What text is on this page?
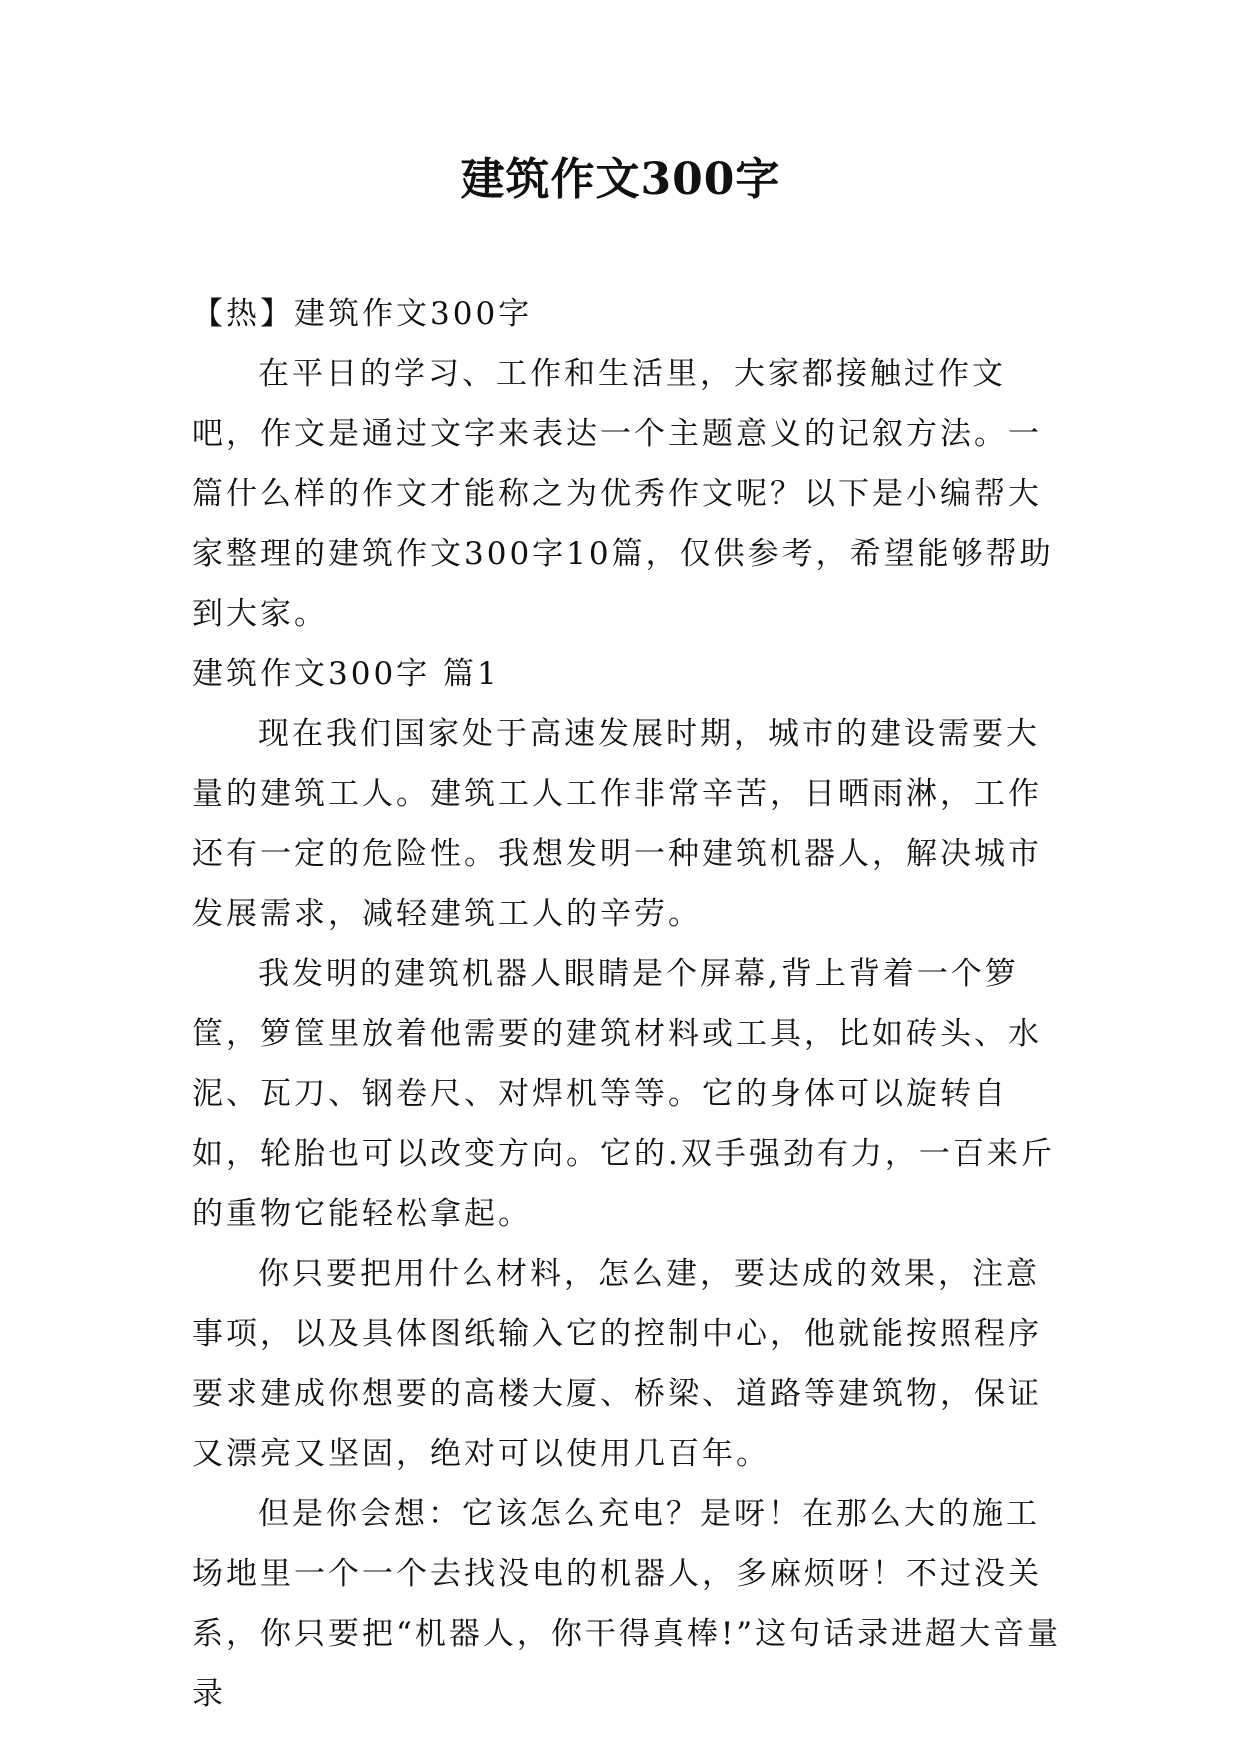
建筑作文300字

【热】建筑作文300字

在平日的学习、工作和生活里，大家都接触过作文吧，作文是通过文字来表达一个主题意义的记叙方法。一篇什么样的作文才能称之为优秀作文呢？以下是小编帮大家整理的建筑作文300字10篇，仅供参考，希望能够帮助到大家。

建筑作文300字 篇1

现在我们国家处于高速发展时期，城市的建设需要大量的建筑工人。建筑工人工作非常辛苦，日晒雨淋，工作还有一定的危险性。我想发明一种建筑机器人，解决城市发展需求，减轻建筑工人的辛劳。

我发明的建筑机器人眼睛是个屏幕,背上背着一个箩筐，箩筐里放着他需要的建筑材料或工具，比如砖头、水泥、瓦刀、钢卷尺、对焊机等等。它的身体可以旋转自如，轮胎也可以改变方向。它的.双手强劲有力，一百来斤的重物它能轻松拿起。

你只要把用什么材料，怎么建，要达成的效果，注意事项，以及具体图纸输入它的控制中心，他就能按照程序要求建成你想要的高楼大厦、桥梁、道路等建筑物，保证又漂亮又坚固，绝对可以使用几百年。

但是你会想：它该怎么充电？是呀！在那么大的施工场地里一个一个去找没电的机器人，多麻烦呀！不过没关系，你只要把“机器人，你干得真棒!”这句话录进超大音量录
